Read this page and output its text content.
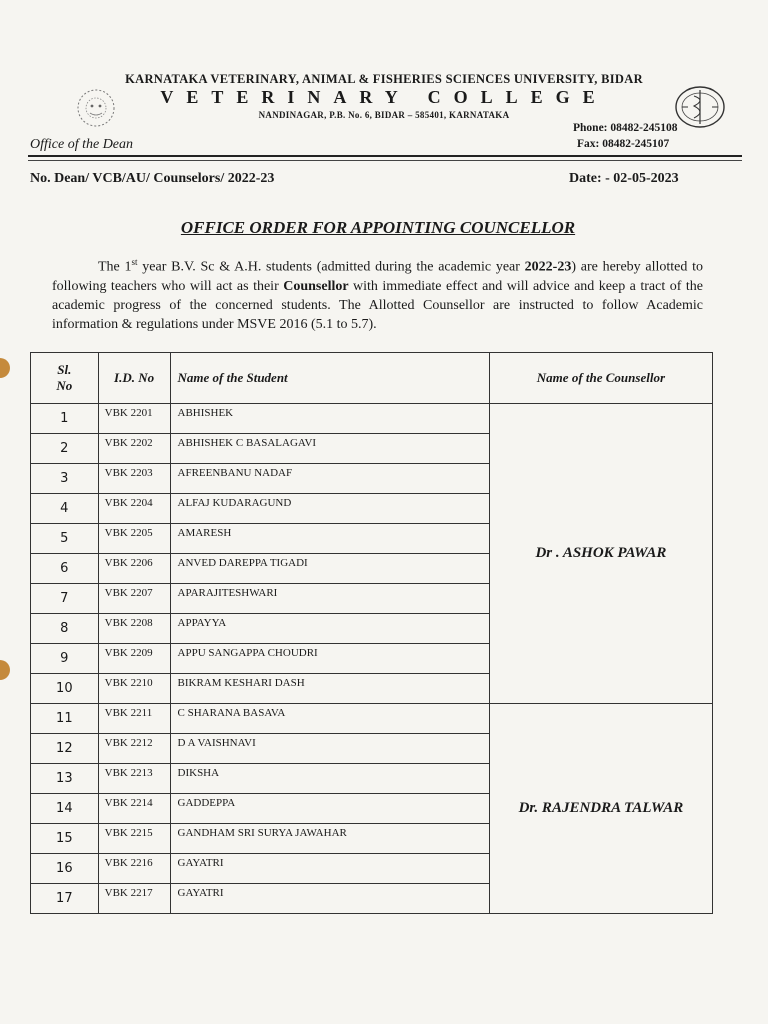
KARNATAKA VETERINARY, ANIMAL & FISHERIES SCIENCES UNIVERSITY, BIDAR
VETERINARY COLLEGE
NANDINAGAR, P.B. No. 6, BIDAR – 585401, KARNATAKA
Office of the Dean
Phone: 08482-245108
Fax: 08482-245107
No. Dean/ VCB/AU/ Counselors/ 2022-23	Date: - 02-05-2023
OFFICE ORDER FOR APPOINTING COUNCELLOR
The 1st year B.V. Sc & A.H. students (admitted during the academic year 2022-23) are hereby allotted to following teachers who will act as their Counsellor with immediate effect and will advice and keep a tract of the academic progress of the concerned students. The Allotted Counsellor are instructed to follow Academic information & regulations under MSVE 2016 (5.1 to 5.7).
Sl.
No	I.D. No	Name of the Student	Name of the Counsellor
1	VBK 2201	ABHISHEK	Dr . ASHOK PAWAR
2	VBK 2202	ABHISHEK C BASALAGAVI	
3	VBK 2203	AFREENBANU NADAF	
4	VBK 2204	ALFAJ KUDARAGUND	
5	VBK 2205	AMARESH	
6	VBK 2206	ANVED DAREPPA TIGADI	
7	VBK 2207	APARAJITESHWARI	
8	VBK 2208	APPAYYA	
9	VBK 2209	APPU SANGAPPA CHOUDRI	
10	VBK 2210	BIKRAM KESHARI DASH	
11	VBK 2211	C SHARANA BASAVA	Dr. RAJENDRA TALWAR
12	VBK 2212	D A VAISHNAVI	
13	VBK 2213	DIKSHA	
14	VBK 2214	GADDEPPA	
15	VBK 2215	GANDHAM SRI SURYA JAWAHAR	
16	VBK 2216	GAYATRI	
17	VBK 2217	GAYATRI	
